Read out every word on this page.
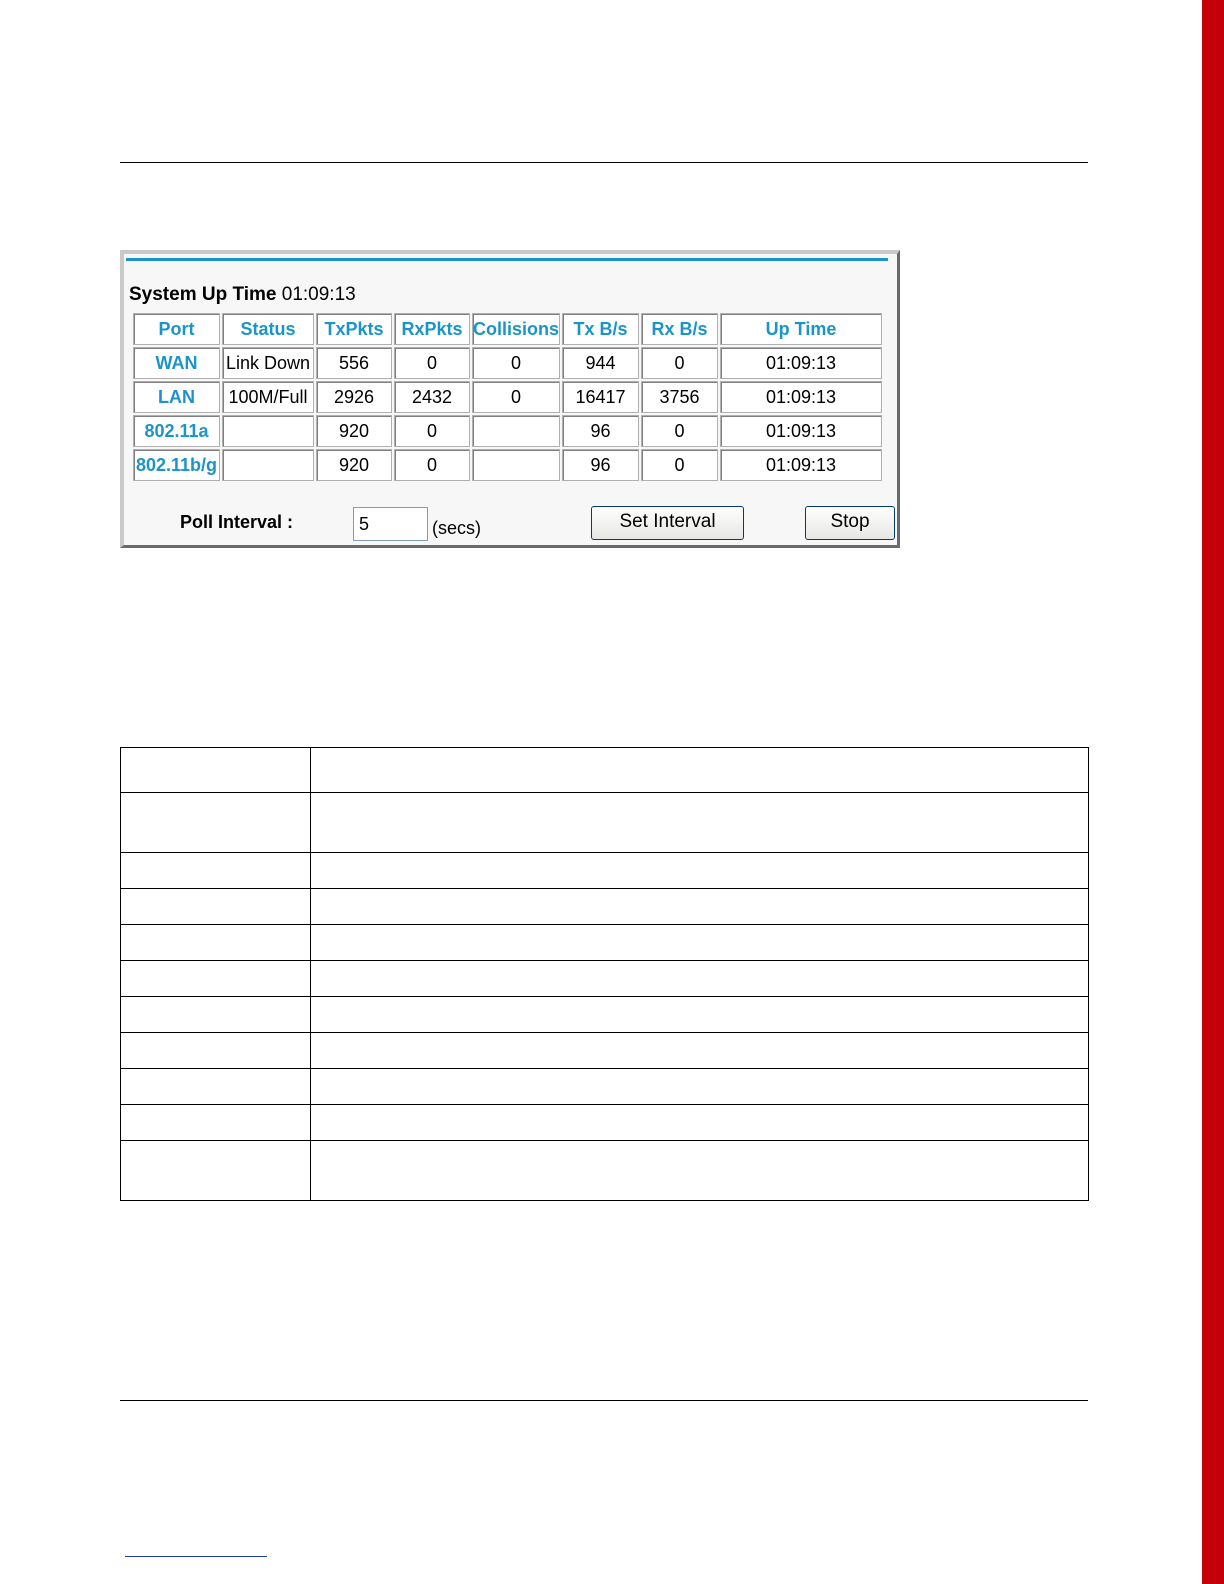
System Up Time 01:09:13
Port	Status	TxPkts	RxPkts	Collisions	Tx B/s	Rx B/s	Up Time
WAN	Link Down	556	0	0	944	0	01:09:13
LAN	100M/Full	2926	2432	0	16417	3756	01:09:13
802.11a		920	0		96	0	01:09:13
802.11b/g		920	0		96	0	01:09:13
Poll Interval :
5	(secs)	Set Interval	Stop
